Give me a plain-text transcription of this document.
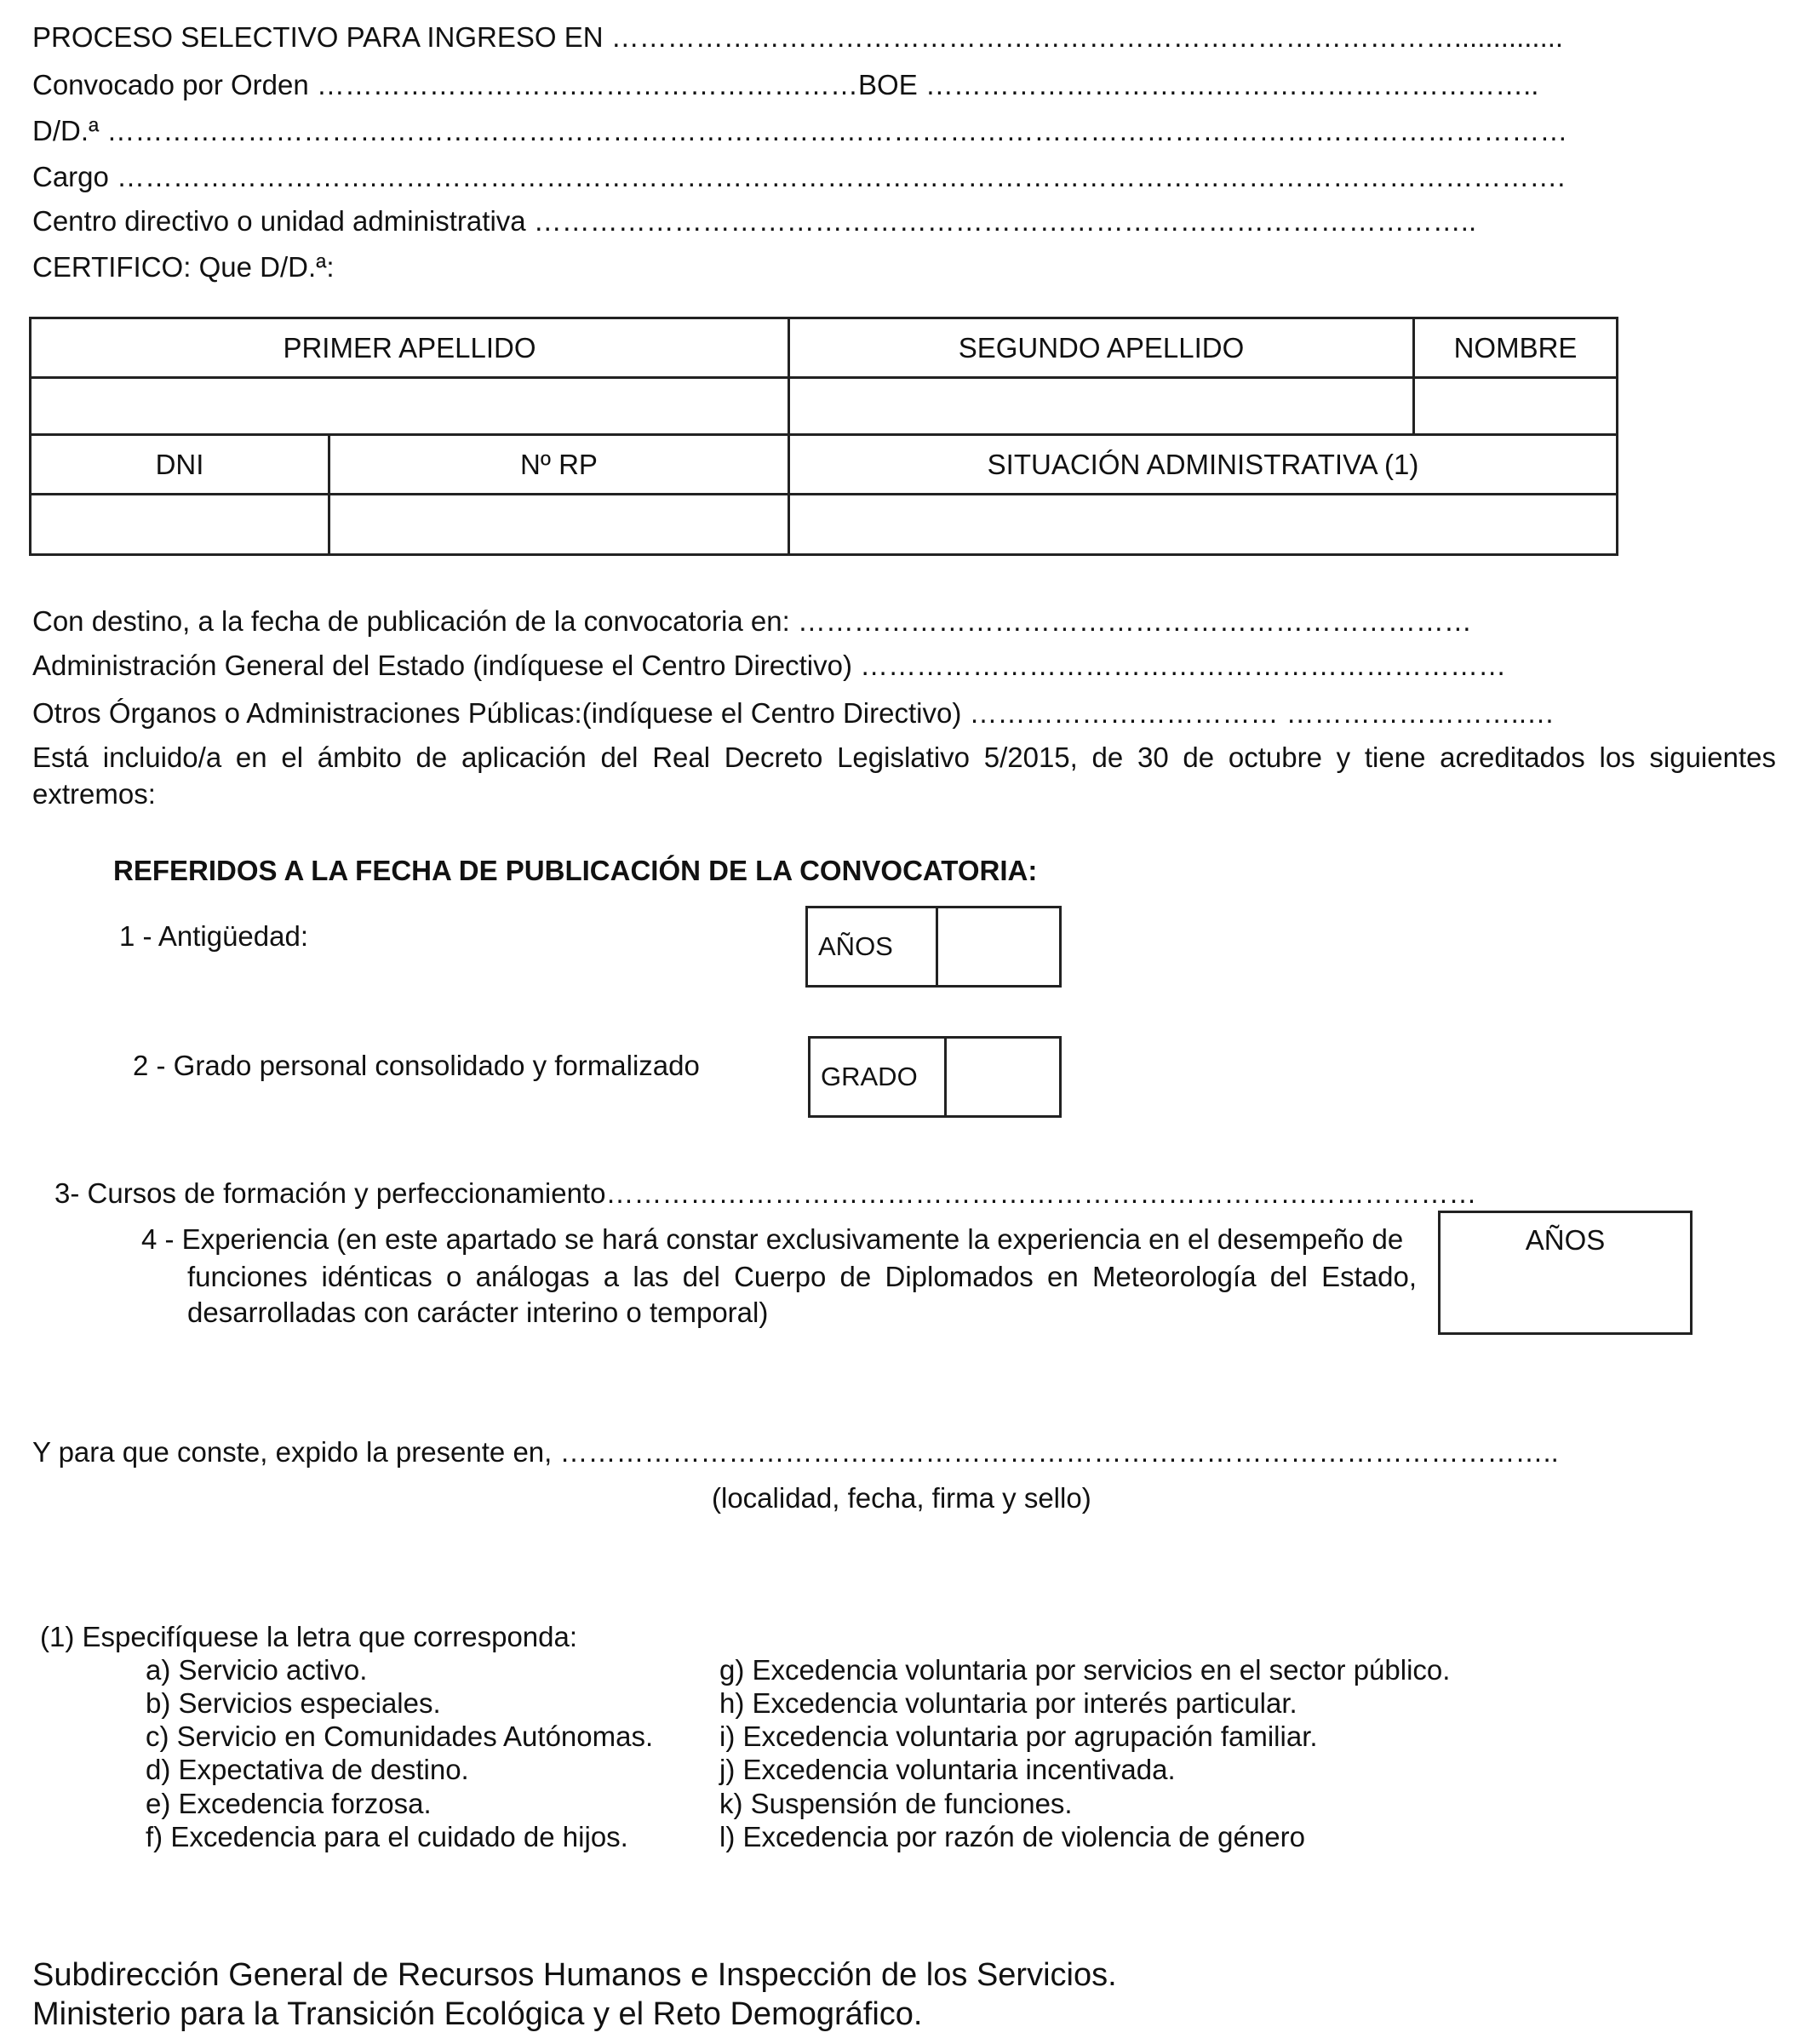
PROCESO SELECTIVO PARA INGRESO EN ………………………………………………………………………………..............
Convocado por Orden ……………………….…………………………BOE ………………………….……………………………..
D/D.ª …………………………………………………………………………………………………………………………………………
Cargo ……………………….……………………………………………………………………………………………………………….
Centro directivo o unidad administrativa ………………………………………………………………………………………..
CERTIFICO: Que D/D.ª:
PRIMER APELLIDO	SEGUNDO APELLIDO	NOMBRE
DNI	Nº RP	SITUACIÓN ADMINISTRATIVA (1)
Con destino, a la fecha de publicación de la convocatoria en: ………………………………………………………………
Administración General del Estado (indíquese el Centro Directivo) ……………………………………………………………
Otros Órganos o Administraciones Públicas:(indíquese el Centro Directivo) …………………………… ……………………..…
Está incluido/a en el ámbito de aplicación del Real Decreto Legislativo 5/2015, de 30 de octubre y tiene acreditados los siguientes extremos:
REFERIDOS A LA FECHA DE PUBLICACIÓN DE LA CONVOCATORIA:
1 - Antigüedad:	AÑOS
2 - Grado personal consolidado y formalizado	GRADO
3- Cursos de formación y perfeccionamiento…………………………………………………………………………………
4 - Experiencia (en este apartado se hará constar exclusivamente la experiencia en el desempeño de
funciones idénticas o análogas a las del Cuerpo de Diplomados en Meteorología del Estado,
desarrolladas con carácter interino o temporal)
AÑOS
Y para que conste, expido la presente en, ……………………………………………………………………………………………..
(localidad, fecha, firma y sello)
(1) Especifíquese la letra que corresponda:
a) Servicio activo.
b) Servicios especiales.
c) Servicio en Comunidades Autónomas.
d) Expectativa de destino.
e) Excedencia forzosa.
f) Excedencia para el cuidado de hijos.
g) Excedencia voluntaria por servicios en el sector público.
h) Excedencia voluntaria por interés particular.
i) Excedencia voluntaria por agrupación familiar.
j) Excedencia voluntaria incentivada.
k) Suspensión de funciones.
l) Excedencia por razón de violencia de género
Subdirección General de Recursos Humanos e Inspección de los Servicios.
Ministerio para la Transición Ecológica y el Reto Demográfico.
